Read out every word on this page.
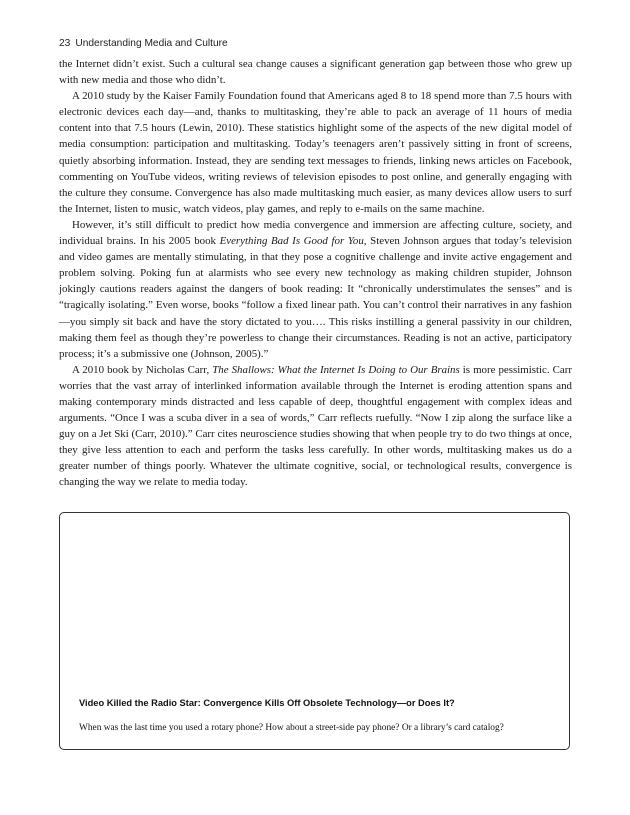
23 Understanding Media and Culture

the Internet didn’t exist. Such a cultural sea change causes a significant generation gap between those who grew up with new media and those who didn’t.

A 2010 study by the Kaiser Family Foundation found that Americans aged 8 to 18 spend more than 7.5 hours with electronic devices each day—and, thanks to multitasking, they’re able to pack an average of 11 hours of media content into that 7.5 hours (Lewin, 2010). These statistics highlight some of the aspects of the new digital model of media consumption: participation and multitasking. Today’s teenagers aren’t passively sitting in front of screens, quietly absorbing information. Instead, they are sending text messages to friends, linking news articles on Facebook, commenting on YouTube videos, writing reviews of television episodes to post online, and generally engaging with the culture they consume. Convergence has also made multitasking much easier, as many devices allow users to surf the Internet, listen to music, watch videos, play games, and reply to e-mails on the same machine.

However, it’s still difficult to predict how media convergence and immersion are affecting culture, society, and individual brains. In his 2005 book Everything Bad Is Good for You, Steven Johnson argues that today’s television and video games are mentally stimulating, in that they pose a cognitive challenge and invite active engagement and problem solving. Poking fun at alarmists who see every new technology as making children stupider, Johnson jokingly cautions readers against the dangers of book reading: It “chronically understimulates the senses” and is “tragically isolating.” Even worse, books “follow a fixed linear path. You can’t control their narratives in any fashion—you simply sit back and have the story dictated to you…. This risks instilling a general passivity in our children, making them feel as though they’re powerless to change their circumstances. Reading is not an active, participatory process; it’s a submissive one (Johnson, 2005).”

A 2010 book by Nicholas Carr, The Shallows: What the Internet Is Doing to Our Brains is more pessimistic. Carr worries that the vast array of interlinked information available through the Internet is eroding attention spans and making contemporary minds distracted and less capable of deep, thoughtful engagement with complex ideas and arguments. “Once I was a scuba diver in a sea of words,” Carr reflects ruefully. “Now I zip along the surface like a guy on a Jet Ski (Carr, 2010).” Carr cites neuroscience studies showing that when people try to do two things at once, they give less attention to each and perform the tasks less carefully. In other words, multitasking makes us do a greater number of things poorly. Whatever the ultimate cognitive, social, or technological results, convergence is changing the way we relate to media today.

Video Killed the Radio Star: Convergence Kills Off Obsolete Technology—or Does It?
When was the last time you used a rotary phone? How about a street-side pay phone? Or a library’s card catalog?
